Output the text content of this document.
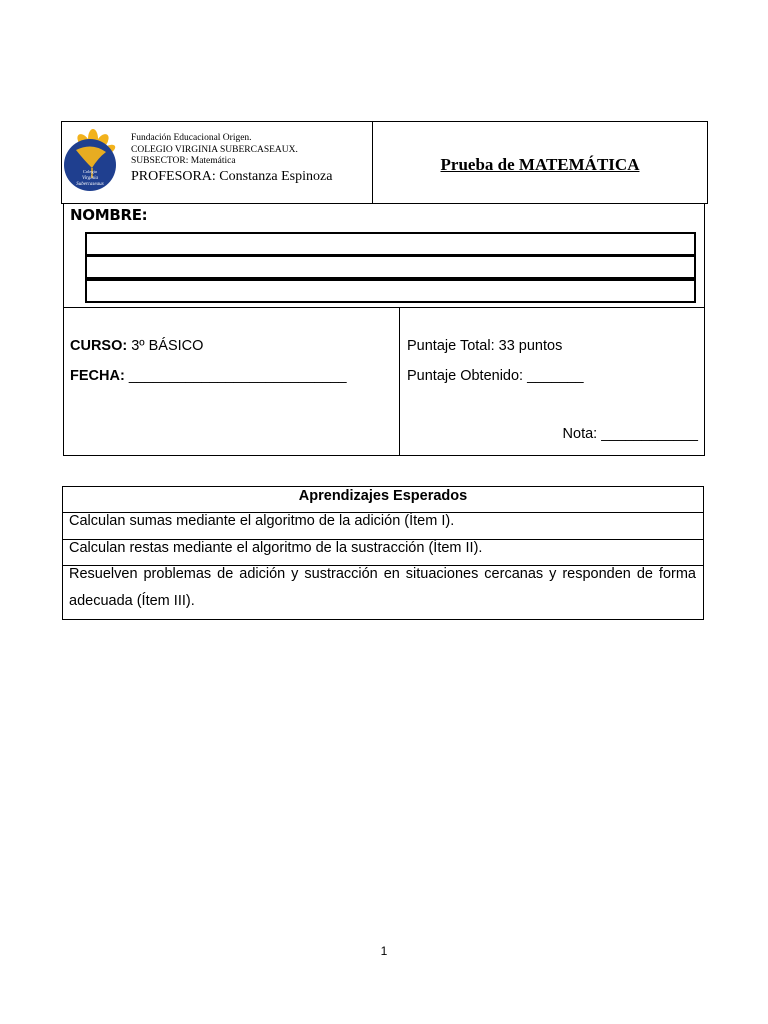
Colegio
Virginia
Subercaseaux
Fundación Educacional Origen.
COLEGIO VIRGINIA SUBERCASEAUX.
SUBSECTOR: Matemática
PROFESORA: Constanza Espinoza
Prueba de MATEMÁTICA
NOMBRE:
CURSO: 3º BÁSICO
FECHA: ___________________________
Puntaje Total: 33 puntos
Puntaje Obtenido: _______
Nota: ____________
Aprendizajes Esperados
Calculan sumas mediante el algoritmo de la adición (Ítem I).
Calculan restas mediante el algoritmo de la sustracción (Ítem II).
Resuelven problemas de adición y sustracción en situaciones cercanas y responden de forma adecuada (Ítem III).
1
